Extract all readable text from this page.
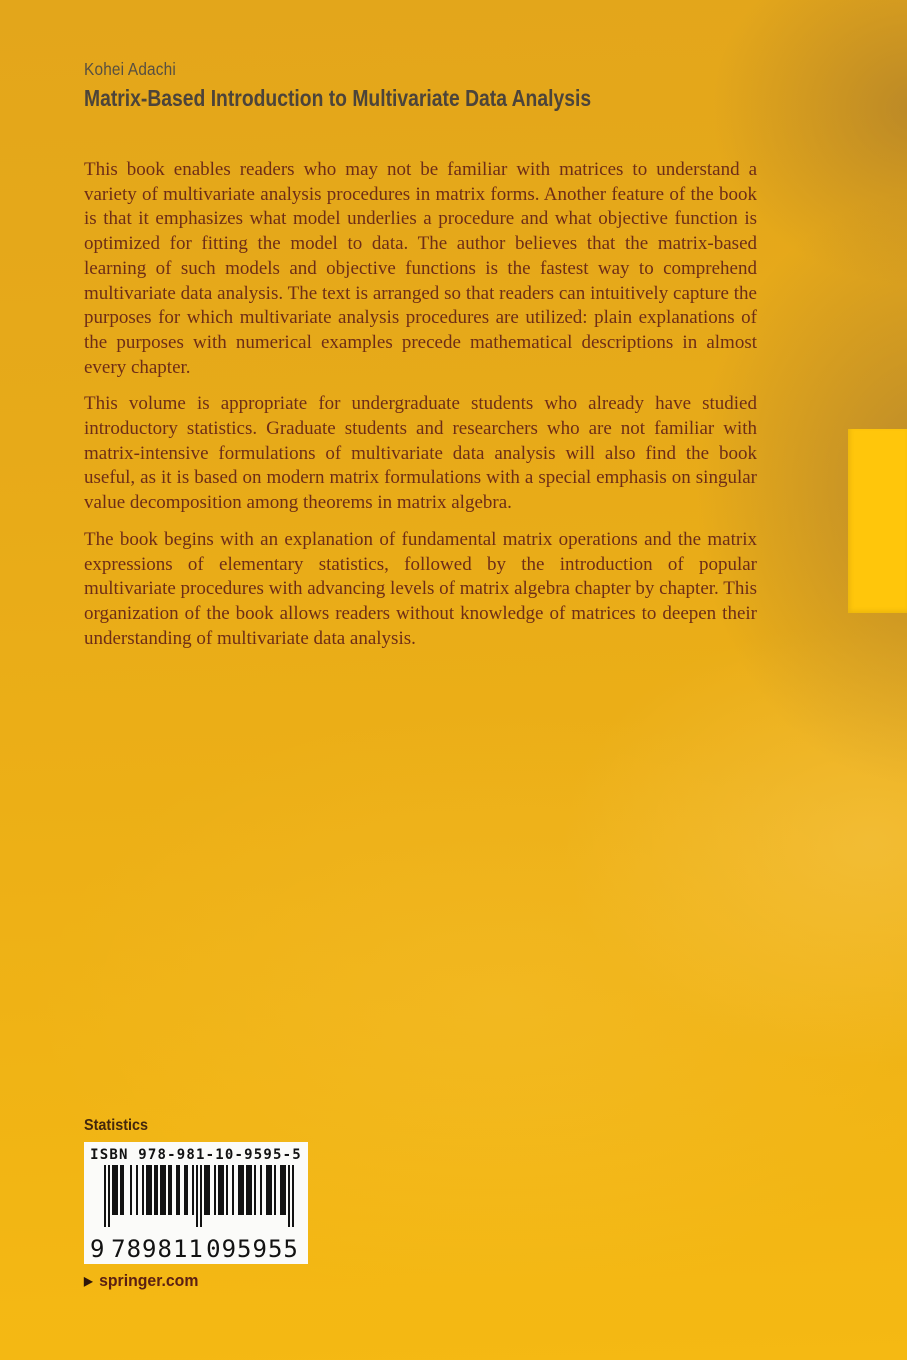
Kohei Adachi
Matrix-Based Introduction to Multivariate Data Analysis

This book enables readers who may not be familiar with matrices to understand a variety of multivariate analysis procedures in matrix forms. Another feature of the book is that it emphasizes what model underlies a procedure and what objective function is optimized for fitting the model to data. The author believes that the matrix-based learning of such models and objective functions is the fastest way to comprehend multivariate data analysis. The text is arranged so that readers can intuitively capture the purposes for which multivariate analysis procedures are utilized: plain explanations of the purposes with numerical examples precede mathematical descriptions in almost every chapter.

This volume is appropriate for undergraduate students who already have studied introductory statistics. Graduate students and researchers who are not familiar with matrix-intensive formulations of multivariate data analysis will also find the book useful, as it is based on modern matrix formulations with a special emphasis on singular value decomposition among theorems in matrix algebra.

The book begins with an explanation of fundamental matrix operations and the matrix expressions of elementary statistics, followed by the introduction of popular multivariate procedures with advancing levels of matrix algebra chapter by chapter. This organization of the book allows readers without knowledge of matrices to deepen their understanding of multivariate data analysis.

Statistics
ISBN 978-981-10-9595-5
9 789811 095955
▶ springer.com
